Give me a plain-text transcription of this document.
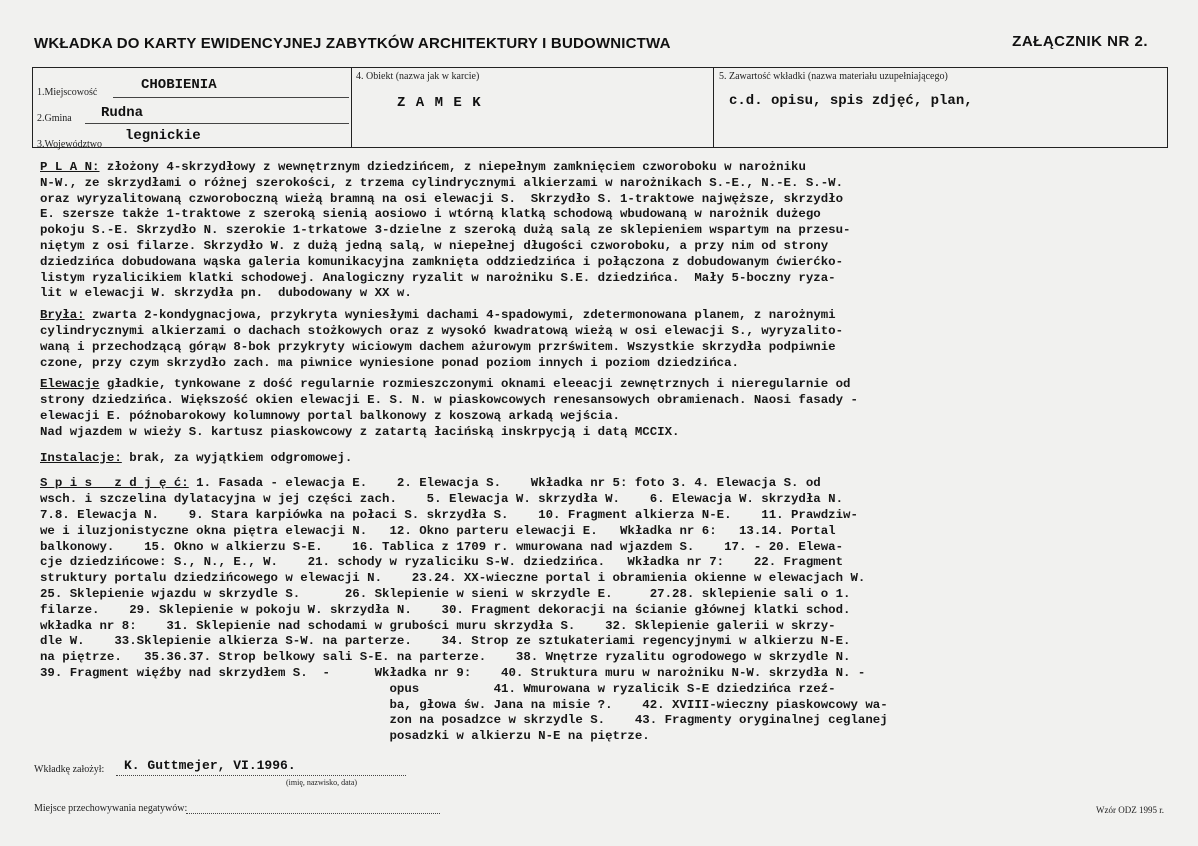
WKŁADKA DO KARTY EWIDENCYJNEJ ZABYTKÓW ARCHITEKTURY I BUDOWNICTWA	ZAŁĄCZNIK NR 2.
1.Miejscowość	CHOBIENIA
2.Gmina Rudna
3.Województwo
legnickie
4. Obiekt (nazwa jak w karcie)
Z A M E K
5. Zawartość wkładki (nazwa materiału uzupełniającego)
c.d. opisu, spis zdjęć, plan,

P L A N: złożony 4-skrzydłowy z wewnętrznym dziedzińcem, z niepełnym zamknięciem czworoboku w narożniku

N-W., ze skrzydłami o różnej szerokości, z trzema cylindrycznymi alkierzami w narożnikach S.-E., N.-E. S.-W.

oraz wyryzalitowaną czworoboczną wieżą bramną na osi elewacji S.  Skrzydło S. 1-traktowe najwęższe, skrzydło

E. szersze także 1-traktowe z szeroką sienią aosiowo i wtórną klatką schodową wbudowaną w narożnik dużego

pokoju S.-E. Skrzydło N. szerokie 1-trkatowe 3-dzielne z szeroką dużą salą ze sklepieniem wspartym na przesu-

niętym z osi filarze. Skrzydło W. z dużą jedną salą, w niepełnej długości czworoboku, a przy nim od strony

dziedzińca dobudowana wąska galeria komunikacyjna zamknięta oddziedzińca i połączona z dobudowanym ćwierćko-

listym ryzalicikiem klatki schodowej. Analogiczny ryzalit w narożniku S.E. dziedzińca.  Mały 5-boczny ryza-

lit w elewacji W. skrzydła pn.  dubodowany w XX w.

Bryła: zwarta 2-kondygnacjowa, przykryta wyniesłymi dachami 4-spadowymi, zdetermonowana planem, z narożnymi

cylindrycznymi alkierzami o dachach stożkowych oraz z wysokó kwadratową wieżą w osi elewacji S., wyryzalito-

waną i przechodzącą górąw 8-bok przykryty wiciowym dachem ażurowym przrświtem. Wszystkie skrzydła podpiwnie

czone, przy czym skrzydło zach. ma piwnice wyniesione ponad poziom innych i poziom dziedzińca.

Elewacje gładkie, tynkowane z dość regularnie rozmieszczonymi oknami eleeacji zewnętrznych i nieregularnie od

strony dziedzińca. Większość okien elewacji E. S. N. w piaskowcowych renesansowych obramienach. Naosi fasady -

elewacji E. późnobarokowy kolumnowy portal balkonowy z koszową arkadą wejścia.

Nad wjazdem w wieży S. kartusz piaskowcowy z zatartą łacińską inskrpycją i datą MCCIX.

Instalacje: brak, za wyjątkiem odgromowej.

S p i s   z d j ę ć: 1. Fasada - elewacja E.    2. Elewacja S.    Wkładka nr 5: foto 3. 4. Elewacja S. od

wsch. i szczelina dylatacyjna w jej części zach.    5. Elewacja W. skrzydła W.    6. Elewacja W. skrzydła N.

7.8. Elewacja N.    9. Stara karpiówka na połaci S. skrzydła S.    10. Fragment alkierza N-E.    11. Prawdziw-

we i iluzjonistyczne okna piętra elewacji N.   12. Okno parteru elewacji E.   Wkładka nr 6:   13.14. Portal

balkonowy.    15. Okno w alkierzu S-E.    16. Tablica z 1709 r. wmurowana nad wjazdem S.    17. - 20. Elewa-

cje dziedzińcowe: S., N., E., W.    21. schody w ryzaliciku S-W. dziedzińca.   Wkładka nr 7:    22. Fragment

struktury portalu dziedzińcowego w elewacji N.    23.24. XX-wieczne portal i obramienia okienne w elewacjach W.

25. Sklepienie wjazdu w skrzydle S.      26. Sklepienie w sieni w skrzydle E.     27.28. sklepienie sali o 1.

filarze.    29. Sklepienie w pokoju W. skrzydła N.    30. Fragment dekoracji na ścianie głównej klatki schod.

wkładka nr 8:    31. Sklepienie nad schodami w grubości muru skrzydła S.    32. Sklepienie galerii w skrzy-

dle W.    33.Sklepienie alkierza S-W. na parterze.    34. Strop ze sztukateriami regencyjnymi w alkierzu N-E.

na piętrze.   35.36.37. Strop belkowy sali S-E. na parterze.    38. Wnętrze ryzalitu ogrodowego w skrzydle N.

39. Fragment więźby nad skrzydłem S.  -      Wkładka nr 9:    40. Struktura muru w narożniku N-W. skrzydła N. -

opus          41. Wmurowana w ryzalicik S-E dziedzińca rzeź-

ba, głowa św. Jana na misie ?.    42. XVIII-wieczny piaskowcowy wa-

zon na posadzce w skrzydle S.    43. Fragmenty oryginalnej ceglanej

posadzki w alkierzu N-E na piętrze.

Wkładkę założył: K. Guttmejer, VI.1996.
(imię, nazwisko, data)
Miejsce przechowywania negatywów:	Wzór ODZ 1995 r.
